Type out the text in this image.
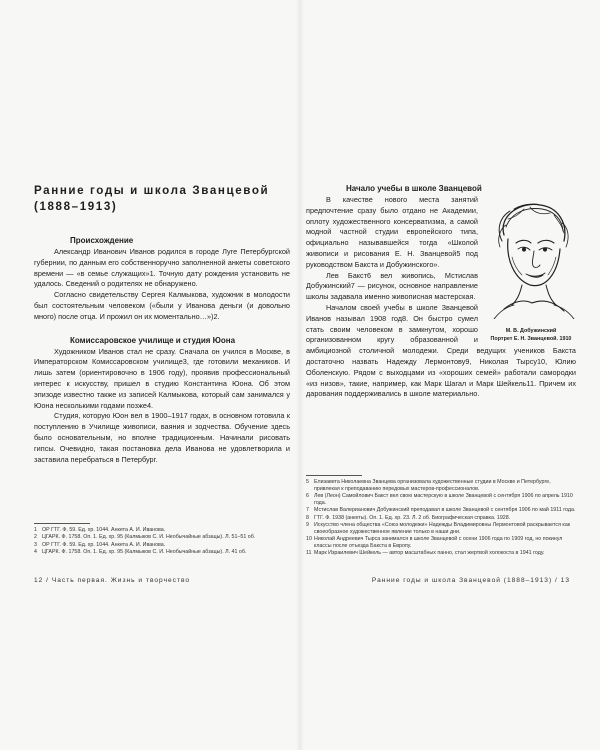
Ранние годы и школа Званцевой (1888–1913)
Происхождение

Александр Иванович Иванов родился в городе Луге Петербургской губернии, по данным его собственноручно заполненной анкеты советского времени — «в семье служащих»1. Точную дату рождения установить не удалось. Сведений о родителях не обнаружено.

Согласно свидетельству Сергея Калмыкова, художник в молодости был состоятельным человеком («были у Иванова деньги (и довольно много) после отца. И прожил он их моментально…»)2.

Комиссаровское училище и студия Юона

Художником Иванов стал не сразу. Сначала он учился в Москве, в Императорском Комиссаровском училище3, где готовили механиков. И лишь затем (ориентировочно в 1906 году), проявив профессиональный интерес к искусству, пришел в студию Константина Юона. Об этом эпизоде известно также из записей Калмыкова, который сам занимался у Юона несколькими годами позже4.

Студия, которую Юон вел в 1900–1917 годах, в основном готовила к поступлению в Училище живописи, ваяния и зодчества. Обучение здесь было основательным, но вполне традиционным. Начинали рисовать гипсы. Очевидно, такая постановка дела Иванова не удовлетворила и заставила перебраться в Петербург.

1 ОР ГТГ. Ф. 59. Ед. хр. 1044. Анкета А. И. Иванова.
2 ЦГАРК. Ф. 1758. Оп. 1. Ед. хр. 95 (Калмыков С. И. Необычайные абзацы). Л. 51–51 об.
3 ОР ГТГ. Ф. 59. Ед. хр. 1044. Анкета А. И. Иванова.
4 ЦГАРК. Ф. 1758. Оп. 1. Ед. хр. 95 (Калмыков С. И. Необычайные абзацы). Л. 41 об.
12 / Часть первая. Жизнь и творчество
Начало учебы в школе Званцевой
М. В. Добужинский
Портрет Е. Н. Званцевой. 1910

В качестве нового места занятий предпочтение сразу было отдано не Академии, оплоту художественного консерватизма, а самой модной частной студии европейского типа, официально называвшейся тогда «Школой живописи и рисования Е. Н. Званцевой5 под руководством Бакста и Добужинского».

Лев Бакст6 вел живопись, Мстислав Добужинский7 — рисунок, основное направление школы задавала именно живописная мастерская.

Началом своей учебы в школе Званцевой Иванов называл 1908 год8. Он быстро сумел стать своим человеком в замкнутом, хорошо организованном кругу образованной и амбициозной столичной молодежи. Среди ведущих учеников Бакста достаточно назвать Надежду Лермонтову9, Николая Тырсу10, Юлию Оболенскую. Рядом с выходцами из «хороших семей» работали самородки «из низов», такие, например, как Марк Шагал и Марк Шейкель11. Причем их дарования поддерживались в школе материально.

5 Елизавета Николаевна Званцева организовала художественные студии в Москве и Петербурге, привлекая к преподаванию передовых мастеров-профессионалов.
6 Лев (Леон) Самойлович Бакст вел свою мастерскую в школе Званцевой с сентября 1906 по апрель 1910 года.
7 Мстислав Валерианович Добужинский преподавал в школе Званцевой с сентября 1906 по май 1911 года.
8 ГТГ. Ф. 1938 (анкеты). Оп. 1. Ед. хр. 23. Л. 2 об. Биографическая справка. 1928.
9 Искусство члена общества «Союз молодежи» Надежды Владимировны Лермонтовой раскрывается как своеобразное художественное явление только в наши дни.
10 Николай Андреевич Тырса занимался в школе Званцевой с осени 1906 года по 1909 год, но покинул классы после отъезда Бакста в Европу.
11 Марк Израилевич Шейкель — автор масштабных панно, стал жертвой холокоста в 1941 году.
Ранние годы и школа Званцевой (1888–1913) / 13
